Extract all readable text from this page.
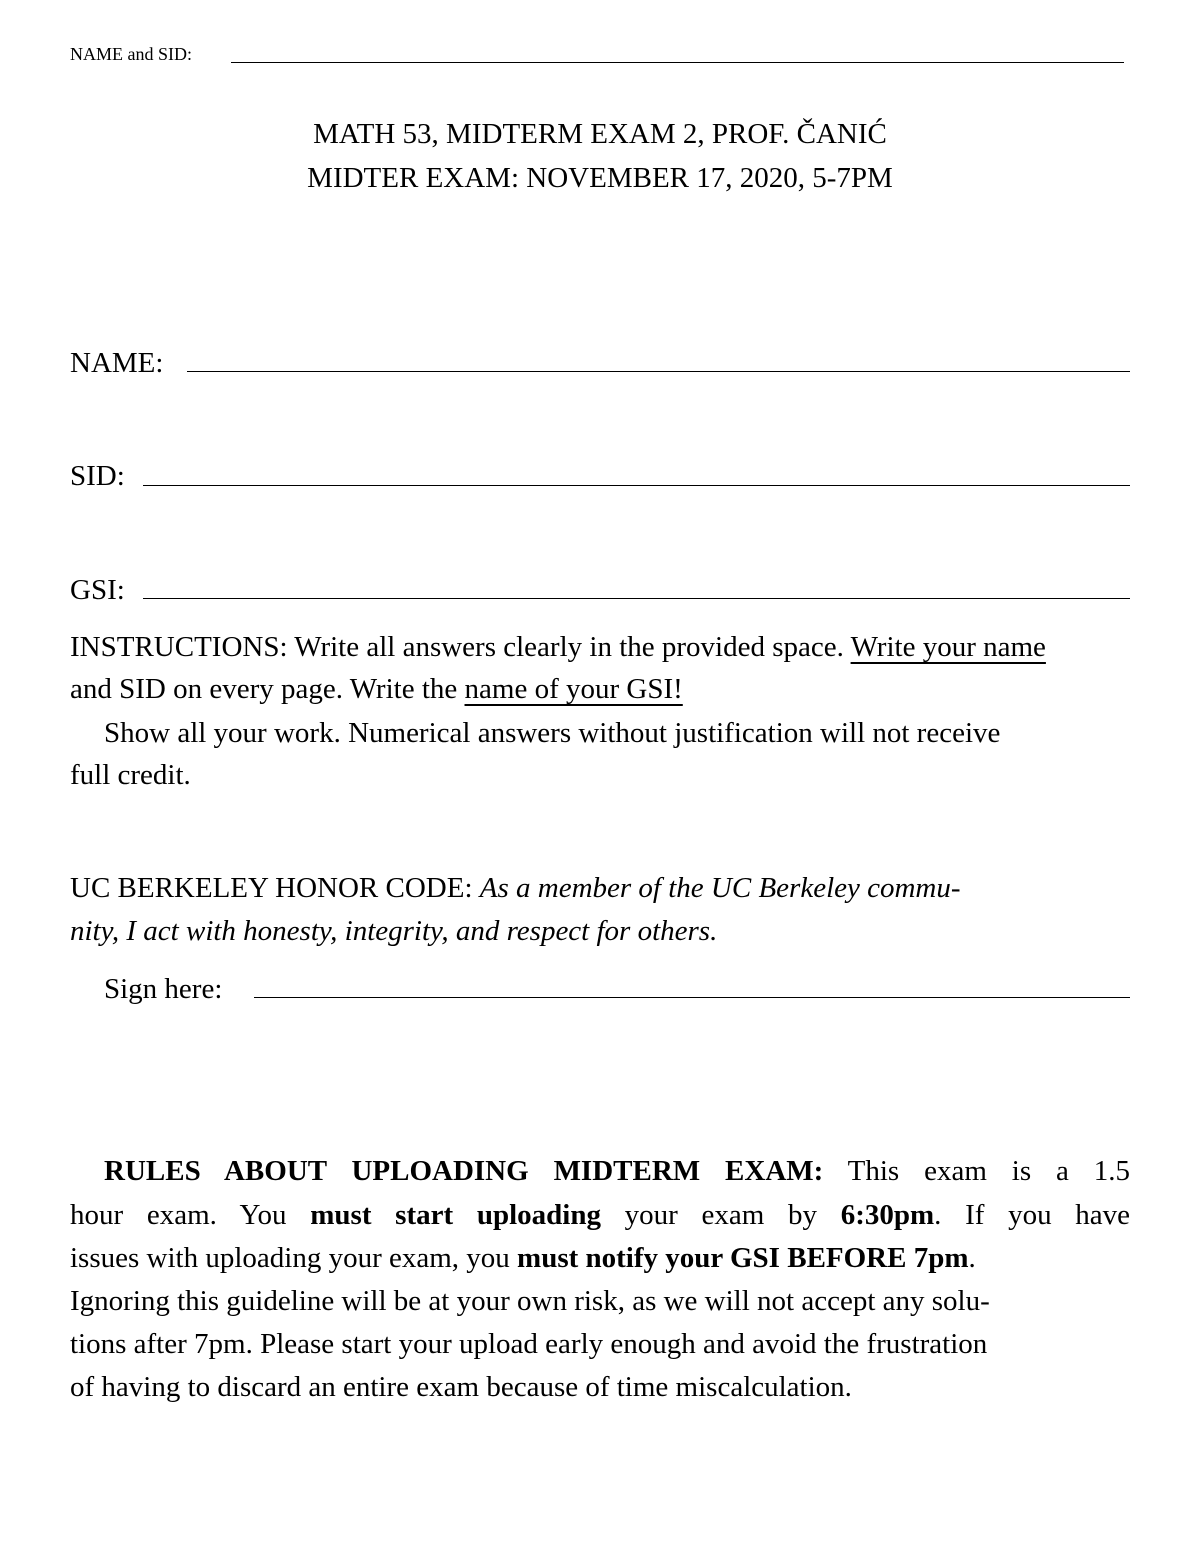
NAME and SID:
MATH 53, MIDTERM EXAM 2, PROF. ČANIĆ
MIDTER EXAM: NOVEMBER 17, 2020, 5-7PM
NAME:
SID:
GSI:
INSTRUCTIONS: Write all answers clearly in the provided space. Write your name
and SID on every page. Write the name of your GSI!
Show all your work. Numerical answers without justification will not receive
full credit.
UC BERKELEY HONOR CODE: As a member of the UC Berkeley commu-
nity, I act with honesty, integrity, and respect for others.
Sign here:
RULES ABOUT UPLOADING MIDTERM EXAM: This exam is a 1.5
hour exam. You must start uploading your exam by 6:30pm. If you have
issues with uploading your exam, you must notify your GSI BEFORE 7pm.
Ignoring this guideline will be at your own risk, as we will not accept any solu-
tions after 7pm. Please start your upload early enough and avoid the frustration
of having to discard an entire exam because of time miscalculation.
